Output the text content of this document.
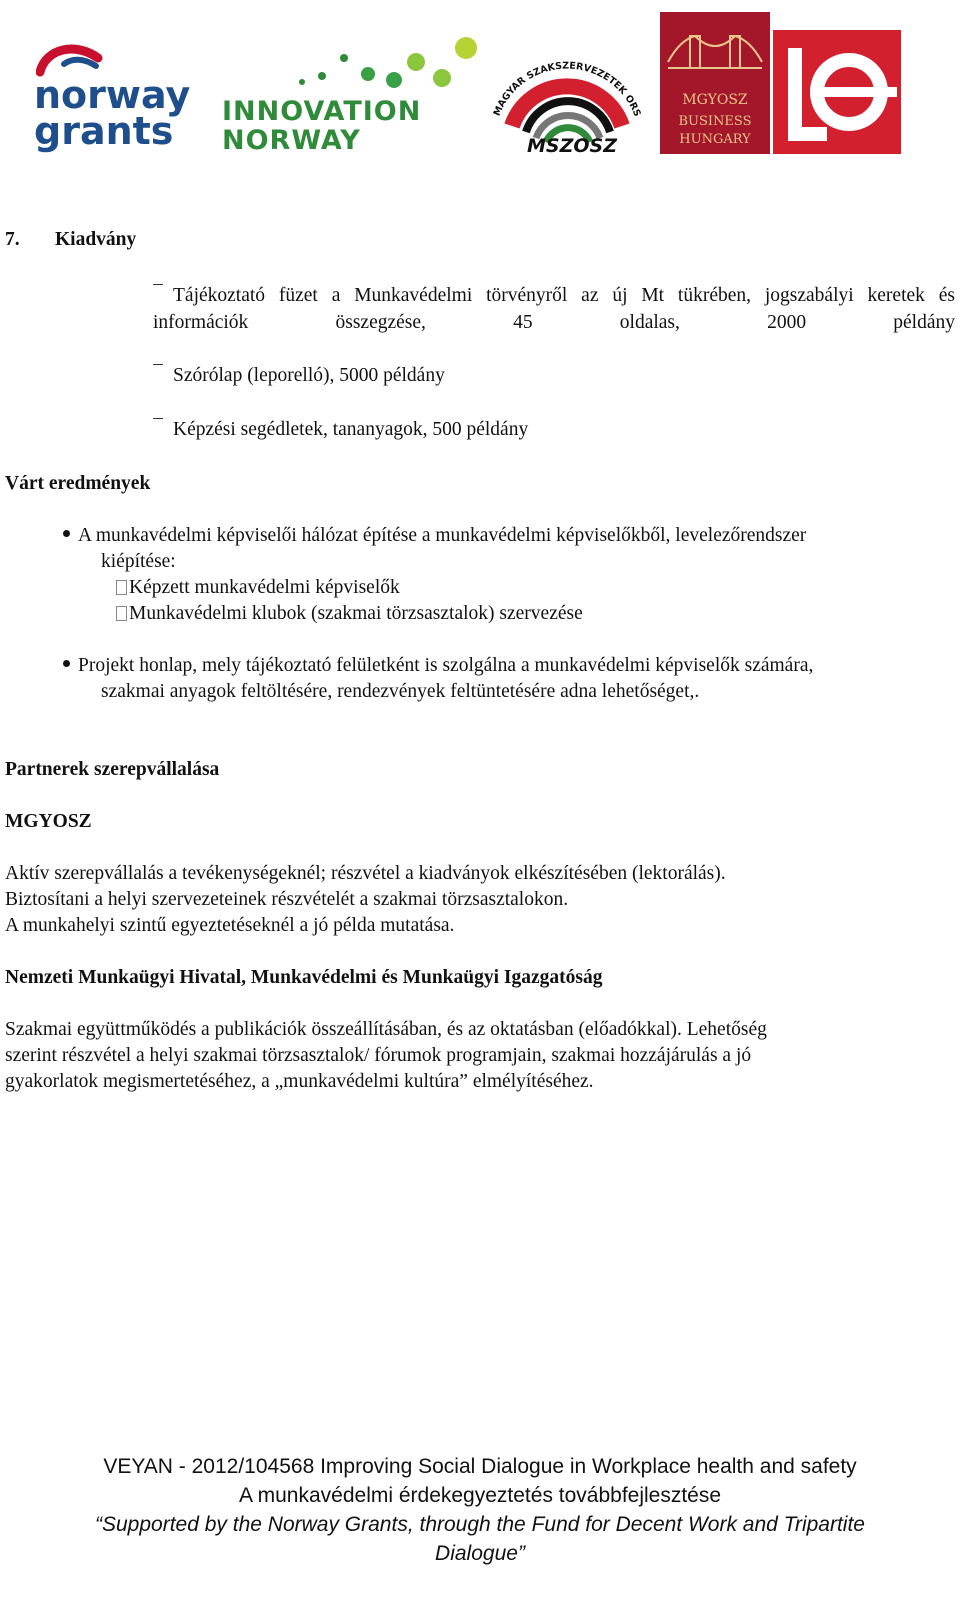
norway
grants INNOVATION
NORWAY
MAGYAR SZAKSZERVEZETEK ORS
MSZOSZ
MGYOSZ
BUSINESS
HUNGARY
LO
7. Kiadvány
Tájékoztató füzet a Munkavédelmi törvényről az új Mt tükrében, jogszabályi keretek és információk összegzése, 45 oldalas, 2000 példány
Szórólap (leporelló), 5000 példány
Képzési segédletek, tananyagok, 500 példány
Várt eredmények
A munkavédelmi képviselői hálózat építése a munkavédelmi képviselőkből, levelezőrendszer
kiépítése:
Képzett munkavédelmi képviselők
Munkavédelmi klubok (szakmai törzsasztalok) szervezése
Projekt honlap, mely tájékoztató felületként is szolgálna a munkavédelmi képviselők számára,
szakmai anyagok feltöltésére, rendezvények feltüntetésére adna lehetőséget,.
Partnerek szerepvállalása
MGYOSZ
Aktív szerepvállalás a tevékenységeknél; részvétel a kiadványok elkészítésében (lektorálás).
Biztosítani a helyi szervezeteinek részvételét a szakmai törzsasztalokon.
A munkahelyi szintű egyeztetéseknél a jó példa mutatása.
Nemzeti Munkaügyi Hivatal, Munkavédelmi és Munkaügyi Igazgatóság
Szakmai együttműködés a publikációk összeállításában, és az oktatásban (előadókkal). Lehetőség
szerint részvétel a helyi szakmai törzsasztalok/ fórumok programjain, szakmai hozzájárulás a jó
gyakorlatok megismertetéséhez, a „munkavédelmi kultúra” elmélyítéséhez.
VEYAN - 2012/104568 Improving Social Dialogue in Workplace health and safety
A munkavédelmi érdekegyeztetés továbbfejlesztése
“Supported by the Norway Grants, through the Fund for Decent Work and Tripartite
Dialogue”
